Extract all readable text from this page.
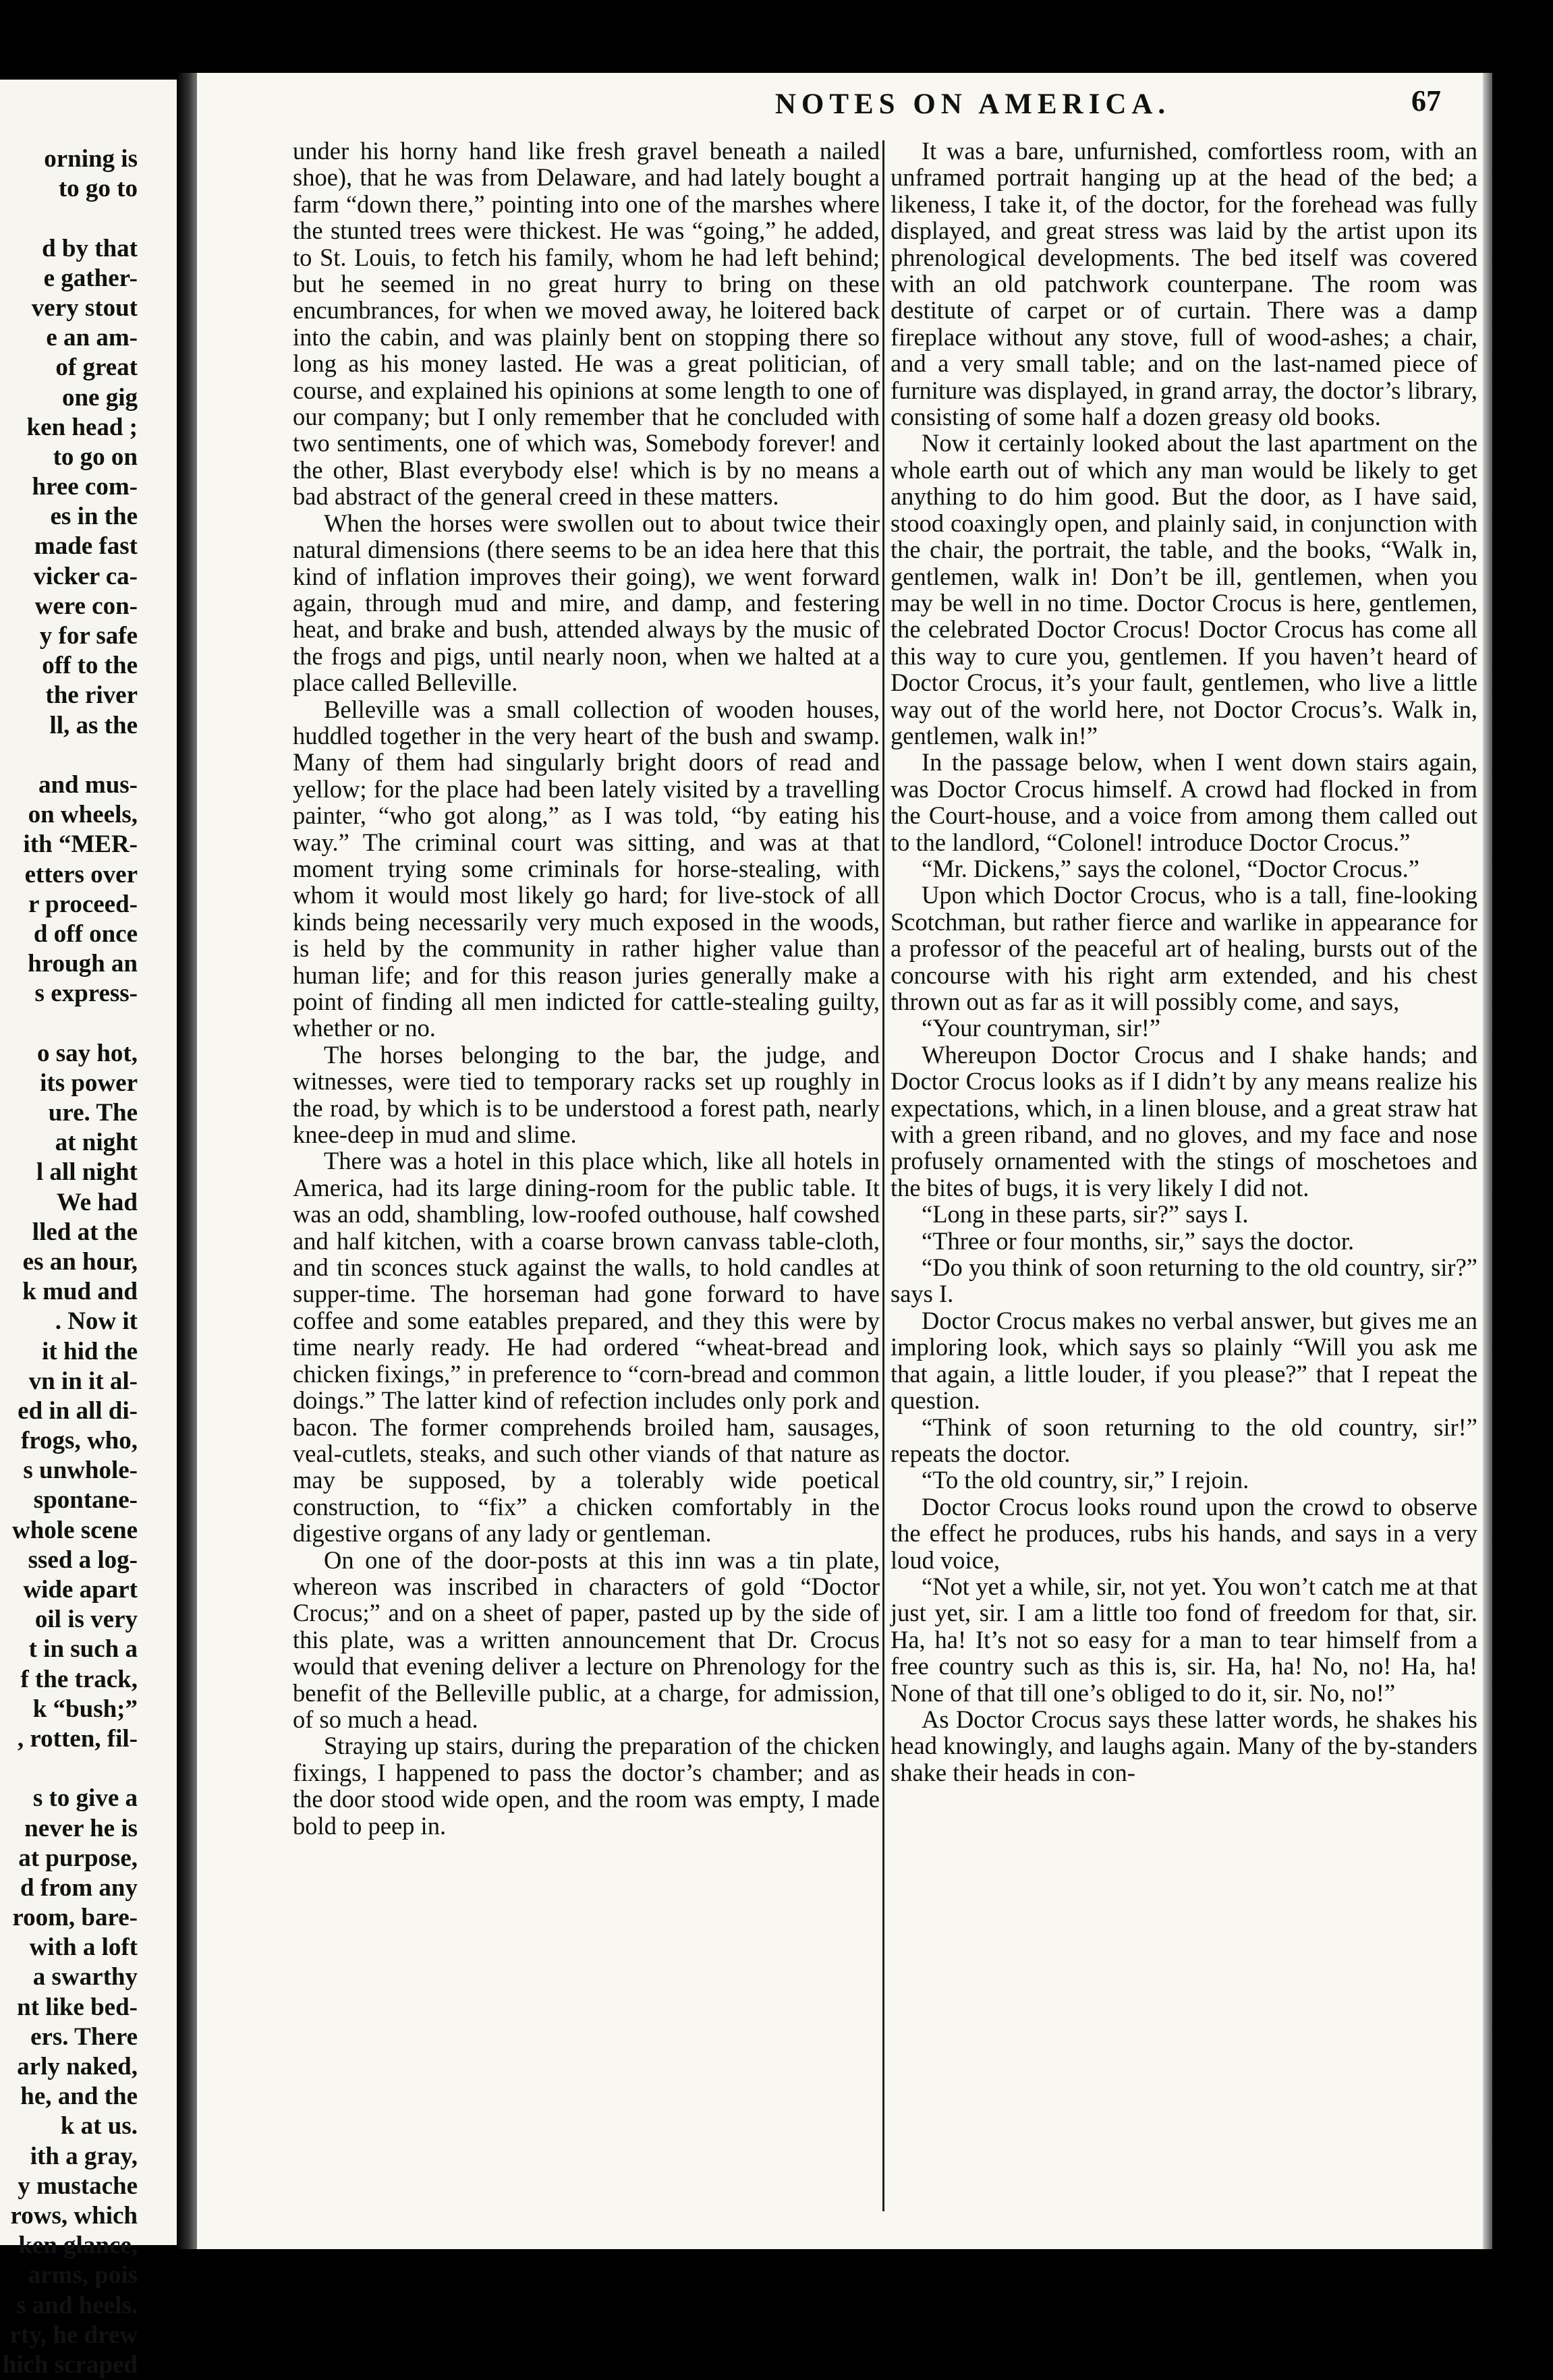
orning is
to go to
d by that
e gather-
very stout
e an am-
of great
one gig
ken head ;
to go on
hree com-
es in the
made fast
vicker ca-
were con-
y for safe
off to the
the river
ll, as the
and mus-
on wheels,
ith “MER-
etters over
r proceed-
d off once
hrough an
s express-
o say hot,
its power
ure. The
at night
l all night
We had
lled at the
es an hour,
k mud and
. Now it
it hid the
vn in it al-
ed in all di-
frogs, who,
s unwhole-
spontane-
whole scene
ssed a log-
wide apart
oil is very
t in such a
f the track,
k “bush;”
, rotten, fil-
s to give a
never he is
at purpose,
d from any
room, bare-
with a loft
a swarthy
nt like bed-
ers. There
arly naked,
he, and the
k at us.
ith a gray,
y mustache
rows, which
ken glance,
arms, pois
s and heels.
rty, he drew
hich scraped
NOTES ON AMERICA.	67

under his horny hand like fresh gravel beneath a nailed shoe), that he was from Delaware, and had lately bought a farm “down there,” pointing into one of the marshes where the stunted trees were thickest. He was “going,” he added, to St. Louis, to fetch his family, whom he had left behind; but he seemed in no great hurry to bring on these encumbrances, for when we moved away, he loitered back into the cabin, and was plainly bent on stopping there so long as his money lasted. He was a great politician, of course, and explained his opinions at some length to one of our company; but I only remember that he concluded with two sentiments, one of which was, Somebody forever! and the other, Blast everybody else! which is by no means a bad abstract of the general creed in these matters.

When the horses were swollen out to about twice their natural dimensions (there seems to be an idea here that this kind of inflation improves their going), we went forward again, through mud and mire, and damp, and festering heat, and brake and bush, attended always by the music of the frogs and pigs, until nearly noon, when we halted at a place called Belleville.

Belleville was a small collection of wooden houses, huddled together in the very heart of the bush and swamp. Many of them had singularly bright doors of read and yellow; for the place had been lately visited by a travelling painter, “who got along,” as I was told, “by eating his way.” The criminal court was sitting, and was at that moment trying some criminals for horse-stealing, with whom it would most likely go hard; for live-stock of all kinds being necessarily very much exposed in the woods, is held by the community in rather higher value than human life; and for this reason juries generally make a point of finding all men indicted for cattle-stealing guilty, whether or no.

The horses belonging to the bar, the judge, and witnesses, were tied to temporary racks set up roughly in the road, by which is to be understood a forest path, nearly knee-deep in mud and slime.

There was a hotel in this place which, like all hotels in America, had its large dining-room for the public table. It was an odd, shambling, low-roofed outhouse, half cowshed and half kitchen, with a coarse brown canvass table-cloth, and tin sconces stuck against the walls, to hold candles at supper-time. The horseman had gone forward to have coffee and some eatables prepared, and they this were by time nearly ready. He had ordered “wheat-bread and chicken fixings,” in preference to “corn-bread and common doings.” The latter kind of refection includes only pork and bacon. The former comprehends broiled ham, sausages, veal-cutlets, steaks, and such other viands of that nature as may be supposed, by a tolerably wide poetical construction, to “fix” a chicken comfortably in the digestive organs of any lady or gentleman.

On one of the door-posts at this inn was a tin plate, whereon was inscribed in characters of gold “Doctor Crocus;” and on a sheet of paper, pasted up by the side of this plate, was a written announcement that Dr. Crocus would that evening deliver a lecture on Phrenology for the benefit of the Belleville public, at a charge, for admission, of so much a head.

Straying up stairs, during the preparation of the chicken fixings, I happened to pass the doctor’s chamber; and as the door stood wide open, and the room was empty, I made bold to peep in.

It was a bare, unfurnished, comfortless room, with an unframed portrait hanging up at the head of the bed; a likeness, I take it, of the doctor, for the forehead was fully displayed, and great stress was laid by the artist upon its phrenological developments. The bed itself was covered with an old patchwork counterpane. The room was destitute of carpet or of curtain. There was a damp fireplace without any stove, full of wood-ashes; a chair, and a very small table; and on the last-named piece of furniture was displayed, in grand array, the doctor’s library, consisting of some half a dozen greasy old books.

Now it certainly looked about the last apartment on the whole earth out of which any man would be likely to get anything to do him good. But the door, as I have said, stood coaxingly open, and plainly said, in conjunction with the chair, the portrait, the table, and the books, “Walk in, gentlemen, walk in! Don’t be ill, gentlemen, when you may be well in no time. Doctor Crocus is here, gentlemen, the celebrated Doctor Crocus! Doctor Crocus has come all this way to cure you, gentlemen. If you haven’t heard of Doctor Crocus, it’s your fault, gentlemen, who live a little way out of the world here, not Doctor Crocus’s. Walk in, gentlemen, walk in!”

In the passage below, when I went down stairs again, was Doctor Crocus himself. A crowd had flocked in from the Court-house, and a voice from among them called out to the landlord, “Colonel! introduce Doctor Crocus.”

“Mr. Dickens,” says the colonel, “Doctor Crocus.”

Upon which Doctor Crocus, who is a tall, fine-looking Scotchman, but rather fierce and warlike in appearance for a professor of the peaceful art of healing, bursts out of the concourse with his right arm extended, and his chest thrown out as far as it will possibly come, and says,

“Your countryman, sir!”

Whereupon Doctor Crocus and I shake hands; and Doctor Crocus looks as if I didn’t by any means realize his expectations, which, in a linen blouse, and a great straw hat with a green riband, and no gloves, and my face and nose profusely ornamented with the stings of moschetoes and the bites of bugs, it is very likely I did not.

“Long in these parts, sir?” says I.

“Three or four months, sir,” says the doctor.

“Do you think of soon returning to the old country, sir?” says I.

Doctor Crocus makes no verbal answer, but gives me an imploring look, which says so plainly “Will you ask me that again, a little louder, if you please?” that I repeat the question.

“Think of soon returning to the old country, sir!” repeats the doctor.

“To the old country, sir,” I rejoin.

Doctor Crocus looks round upon the crowd to observe the effect he produces, rubs his hands, and says in a very loud voice,

“Not yet a while, sir, not yet. You won’t catch me at that just yet, sir. I am a little too fond of freedom for that, sir. Ha, ha! It’s not so easy for a man to tear himself from a free country such as this is, sir. Ha, ha! No, no! Ha, ha! None of that till one’s obliged to do it, sir. No, no!”

As Doctor Crocus says these latter words, he shakes his head knowingly, and laughs again. Many of the by-standers shake their heads in con-
